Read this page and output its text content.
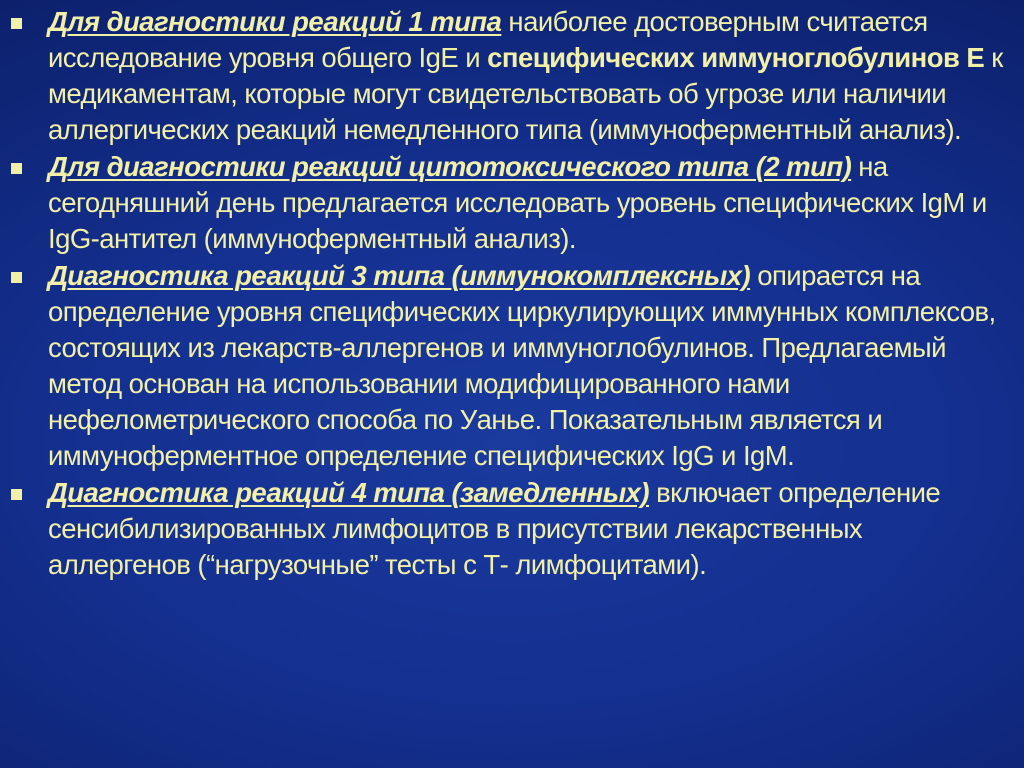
Для диагностики реакций 1 типа наиболее достоверным считается исследование уровня общего IgE и специфических иммуноглобулинов Е к медикаментам, которые могут свидетельствовать об угрозе или наличии аллергических реакций немедленного типа (иммуноферментный анализ).
Для диагностики реакций цитотоксического типа (2 тип) на сегодняшний день предлагается исследовать уровень специфических IgM и IgG-антител (иммуноферментный анализ).
Диагностика реакций 3 типа (иммунокомплексных) опирается на определение уровня специфических циркулирующих иммунных комплексов, состоящих из лекарств-аллергенов и иммуноглобулинов. Предлагаемый метод основан на использовании модифицированного нами нефелометрического способа по Уанье. Показательным является и иммуноферментное определение специфических IgG и IgM.
Диагностика реакций 4 типа (замедленных) включает определение сенсибилизированных лимфоцитов в присутствии лекарственных аллергенов (“нагрузочные” тесты с Т- лимфоцитами).
